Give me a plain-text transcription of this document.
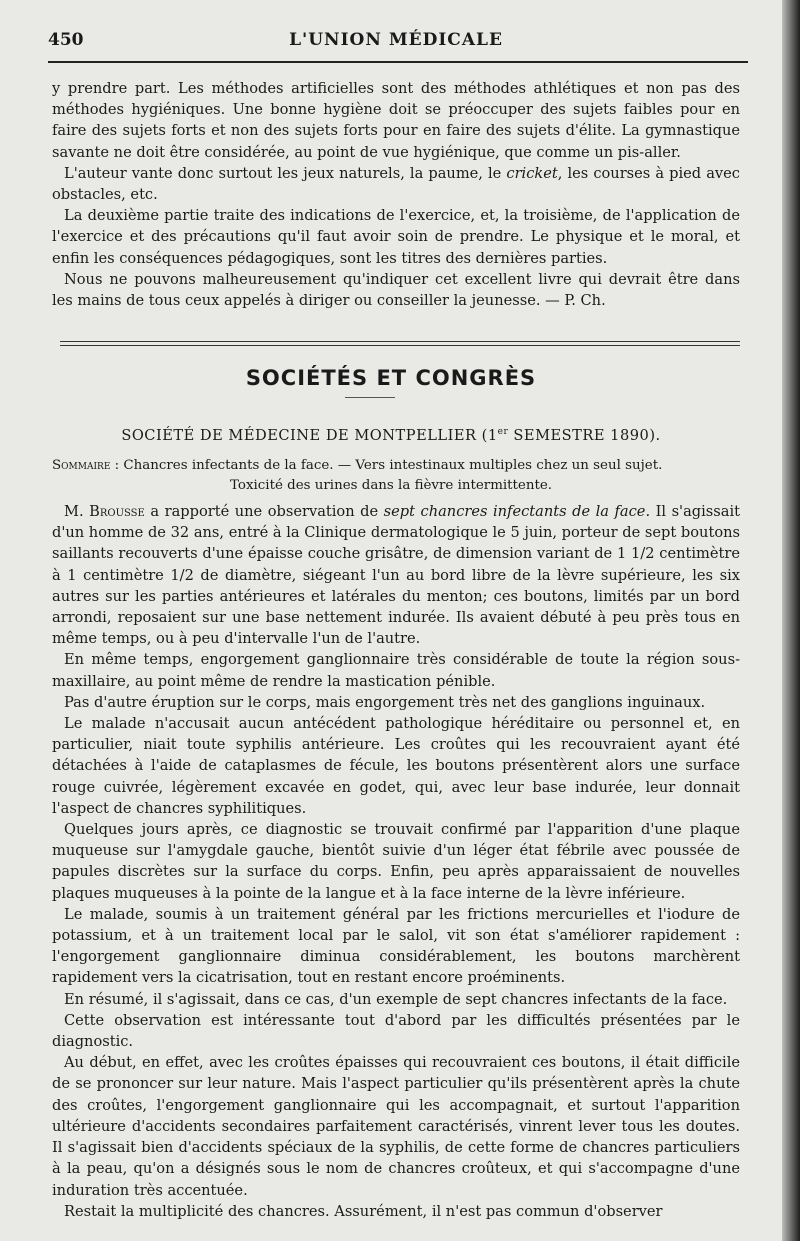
450	L'UNION MÉDICALE

y prendre part. Les méthodes artificielles sont des méthodes athlétiques et non pas des méthodes hygiéniques. Une bonne hygiène doit se préoccuper des sujets faibles pour en faire des sujets forts et non des sujets forts pour en faire des sujets d'élite. La gymnastique savante ne doit être considérée, au point de vue hygiénique, que comme un pis-aller.

L'auteur vante donc surtout les jeux naturels, la paume, le cricket, les courses à pied avec obstacles, etc.

La deuxième partie traite des indications de l'exercice, et, la troisième, de l'application de l'exercice et des précautions qu'il faut avoir soin de prendre. Le physique et le moral, et enfin les conséquences pédagogiques, sont les titres des dernières parties.

Nous ne pouvons malheureusement qu'indiquer cet excellent livre qui devrait être dans les mains de tous ceux appelés à diriger ou conseiller la jeunesse. — P. Ch.

SOCIÉTÉS ET CONGRÈS
SOCIÉTÉ DE MÉDECINE DE MONTPELLIER (1er SEMESTRE 1890).
Sommaire : Chancres infectants de la face. — Vers intestinaux multiples chez un seul sujet.
Toxicité des urines dans la fièvre intermittente.

M. Brousse a rapporté une observation de sept chancres infectants de la face. Il s'agissait d'un homme de 32 ans, entré à la Clinique dermatologique le 5 juin, porteur de sept boutons saillants recouverts d'une épaisse couche grisâtre, de dimension variant de 1 1/2 centimètre à 1 centimètre 1/2 de diamètre, siégeant l'un au bord libre de la lèvre supérieure, les six autres sur les parties antérieures et latérales du menton; ces boutons, limités par un bord arrondi, reposaient sur une base nettement indurée. Ils avaient débuté à peu près tous en même temps, ou à peu d'intervalle l'un de l'autre.

En même temps, engorgement ganglionnaire très considérable de toute la région sous-maxillaire, au point même de rendre la mastication pénible.

Pas d'autre éruption sur le corps, mais engorgement très net des ganglions inguinaux.

Le malade n'accusait aucun antécédent pathologique héréditaire ou personnel et, en particulier, niait toute syphilis antérieure. Les croûtes qui les recouvraient ayant été détachées à l'aide de cataplasmes de fécule, les boutons présentèrent alors une surface rouge cuivrée, légèrement excavée en godet, qui, avec leur base indurée, leur donnait l'aspect de chancres syphilitiques.

Quelques jours après, ce diagnostic se trouvait confirmé par l'apparition d'une plaque muqueuse sur l'amygdale gauche, bientôt suivie d'un léger état fébrile avec poussée de papules discrètes sur la surface du corps. Enfin, peu après apparaissaient de nouvelles plaques muqueuses à la pointe de la langue et à la face interne de la lèvre inférieure.

Le malade, soumis à un traitement général par les frictions mercurielles et l'iodure de potassium, et à un traitement local par le salol, vit son état s'améliorer rapidement : l'engorgement ganglionnaire diminua considérablement, les boutons marchèrent rapidement vers la cicatrisation, tout en restant encore proéminents.

En résumé, il s'agissait, dans ce cas, d'un exemple de sept chancres infectants de la face.

Cette observation est intéressante tout d'abord par les difficultés présentées par le diagnostic.

Au début, en effet, avec les croûtes épaisses qui recouvraient ces boutons, il était difficile de se prononcer sur leur nature. Mais l'aspect particulier qu'ils présentèrent après la chute des croûtes, l'engorgement ganglionnaire qui les accompagnait, et surtout l'apparition ultérieure d'accidents secondaires parfaitement caractérisés, vinrent lever tous les doutes. Il s'agissait bien d'accidents spéciaux de la syphilis, de cette forme de chancres particuliers à la peau, qu'on a désignés sous le nom de chancres croûteux, et qui s'accompagne d'une induration très accentuée.

Restait la multiplicité des chancres. Assurément, il n'est pas commun d'observer
